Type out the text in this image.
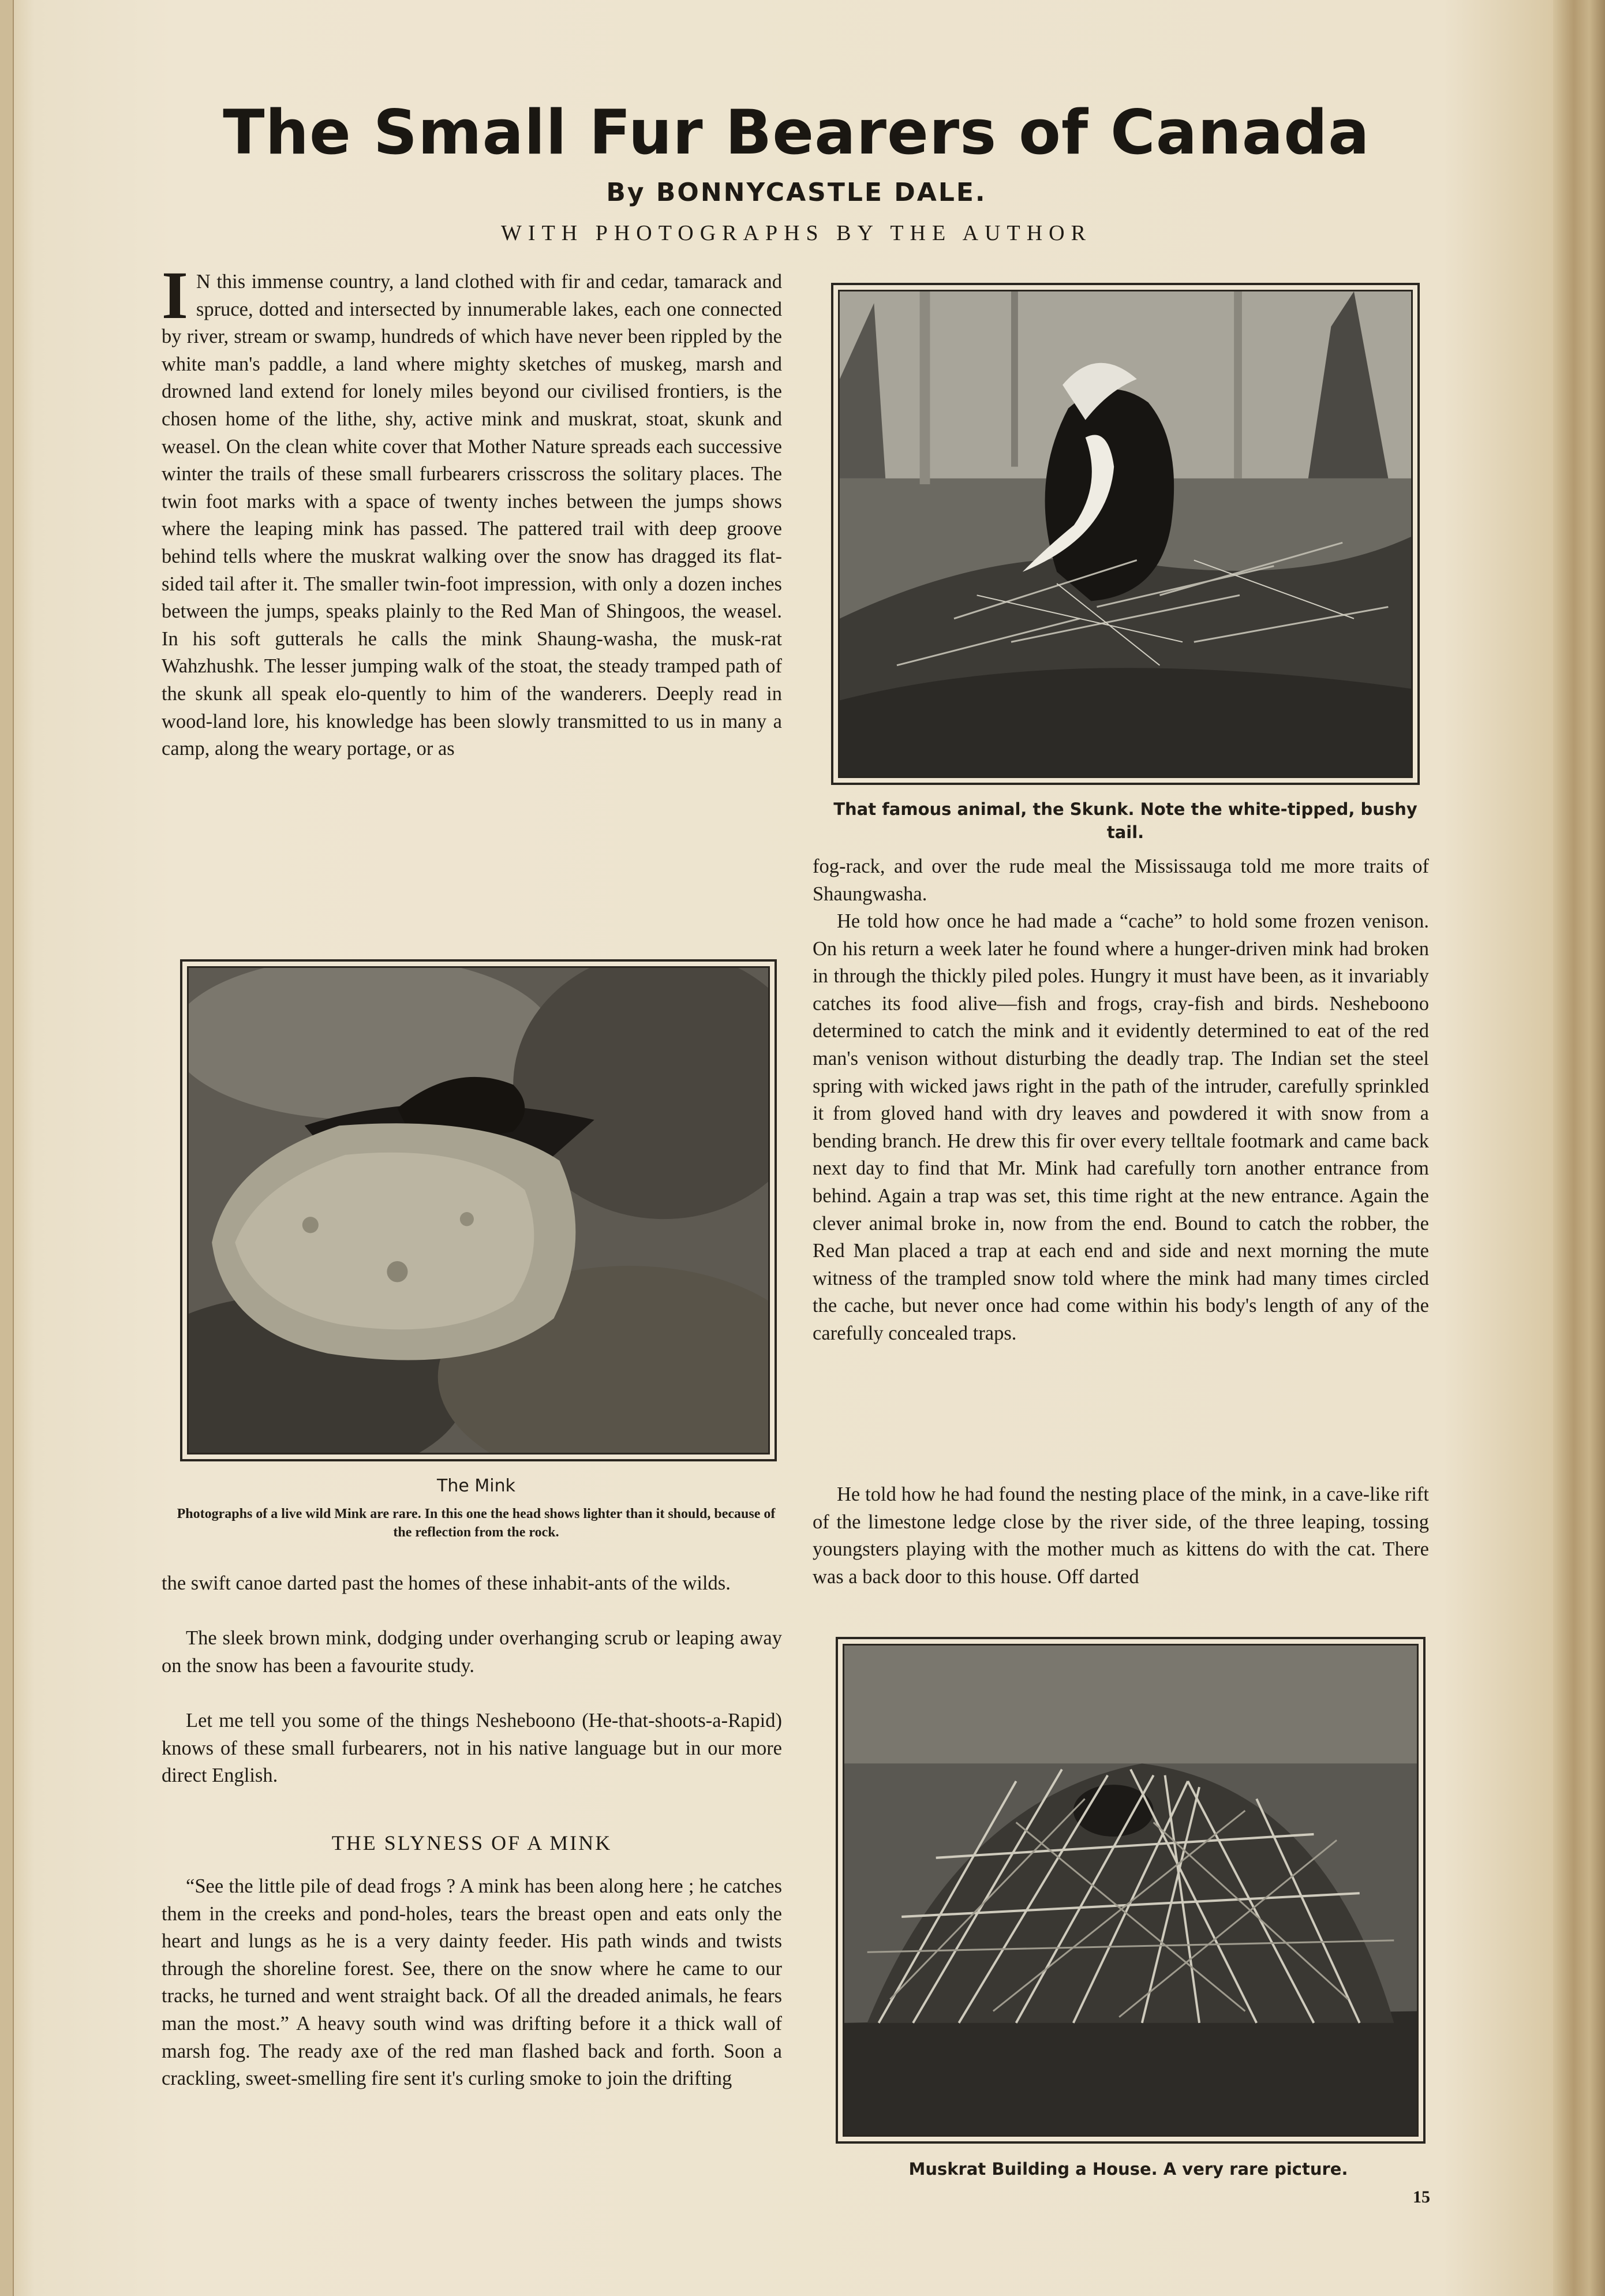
The Small Fur Bearers of Canada
By BONNYCASTLE DALE.
WITH PHOTOGRAPHS BY THE AUTHOR

I N this immense country, a land clothed with fir and cedar, tamarack and spruce, dotted and intersected by innumerable lakes, each one connected by river, stream or swamp, hundreds of which have never been rippled by the white man's paddle, a land where mighty sketches of muskeg, marsh and drowned land extend for lonely miles beyond our civilised frontiers, is the chosen home of the lithe, shy, active mink and muskrat, stoat, skunk and weasel. On the clean white cover that Mother Nature spreads each successive winter the trails of these small furbearers crisscross the solitary places. The twin foot marks with a space of twenty inches between the jumps shows where the leaping mink has passed. The pattered trail with deep groove behind tells where the muskrat walking over the snow has dragged its flat-sided tail after it. The smaller twin-foot impression, with only a dozen inches between the jumps, speaks plainly to the Red Man of Shingoos, the weasel. In his soft gutterals he calls the mink Shaung-washa, the musk-rat Wahzhushk. The lesser jumping walk of the stoat, the steady tramped path of the skunk all speak elo-quently to him of the wanderers. Deeply read in wood-land lore, his knowledge has been slowly transmitted to us in many a camp, along the weary portage, or as

The Mink
Photographs of a live wild Mink are rare. In this one the head shows lighter than it should, because of the reflection from the rock.

the swift canoe darted past the homes of these inhabit-ants of the wilds.

The sleek brown mink, dodging under overhanging scrub or leaping away on the snow has been a favourite study.

Let me tell you some of the things Nesheboono (He-that-shoots-a-Rapid) knows of these small furbearers, not in his native language but in our more direct English.

THE SLYNESS OF A MINK

“See the little pile of dead frogs ? A mink has been along here ; he catches them in the creeks and pond-holes, tears the breast open and eats only the heart and lungs as he is a very dainty feeder. His path winds and twists through the shoreline forest. See, there on the snow where he came to our tracks, he turned and went straight back. Of all the dreaded animals, he fears man the most.” A heavy south wind was drifting before it a thick wall of marsh fog. The ready axe of the red man flashed back and forth. Soon a crackling, sweet-smelling fire sent it's curling smoke to join the drifting

That famous animal, the Skunk. Note the white-tipped, bushy tail.

fog-rack, and over the rude meal the Mississauga told me more traits of Shaungwasha.

He told how once he had made a “cache” to hold some frozen venison. On his return a week later he found where a hunger-driven mink had broken in through the thickly piled poles. Hungry it must have been, as it invariably catches its food alive—fish and frogs, cray-fish and birds. Nesheboono determined to catch the mink and it evidently determined to eat of the red man's venison without disturbing the deadly trap. The Indian set the steel spring with wicked jaws right in the path of the intruder, carefully sprinkled it from gloved hand with dry leaves and powdered it with snow from a bending branch. He drew this fir over every telltale footmark and came back next day to find that Mr. Mink had carefully torn another entrance from behind. Again a trap was set, this time right at the new entrance. Again the clever animal broke in, now from the end. Bound to catch the robber, the Red Man placed a trap at each end and side and next morning the mute witness of the trampled snow told where the mink had many times circled the cache, but never once had come within his body's length of any of the carefully concealed traps.

He told how he had found the nesting place of the mink, in a cave-like rift of the limestone ledge close by the river side, of the three leaping, tossing youngsters playing with the mother much as kittens do with the cat. There was a back door to this house. Off darted

Muskrat Building a House. A very rare picture.
15
